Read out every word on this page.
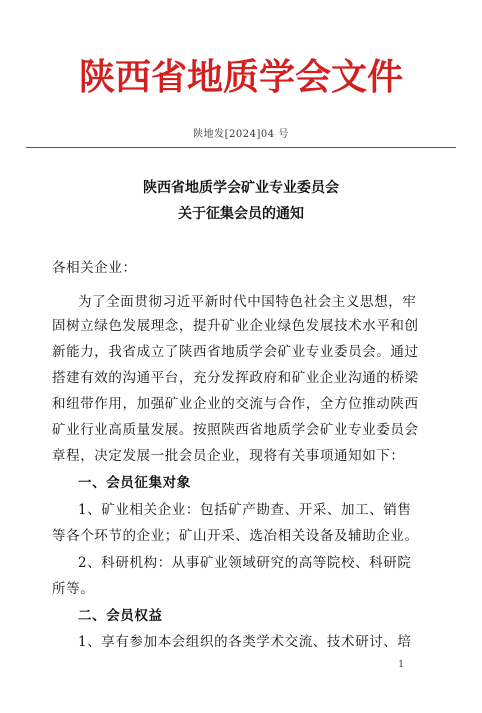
陕西省地质学会文件
陕地发[2024]04 号
陕西省地质学会矿业专业委员会
关于征集会员的通知
各相关企业：
为了全面贯彻习近平新时代中国特色社会主义思想，牢
固树立绿色发展理念，提升矿业企业绿色发展技术水平和创
新能力，我省成立了陕西省地质学会矿业专业委员会。通过
搭建有效的沟通平台，充分发挥政府和矿业企业沟通的桥梁
和纽带作用，加强矿业企业的交流与合作，全方位推动陕西
矿业行业高质量发展。按照陕西省地质学会矿业专业委员会
章程，决定发展一批会员企业，现将有关事项通知如下：
一、会员征集对象
1、矿业相关企业：包括矿产勘查、开采、加工、销售
等各个环节的企业；矿山开采、选冶相关设备及辅助企业。
2、科研机构：从事矿业领域研究的高等院校、科研院
所等。
二、会员权益
1、享有参加本会组织的各类学术交流、技术研讨、培
1
